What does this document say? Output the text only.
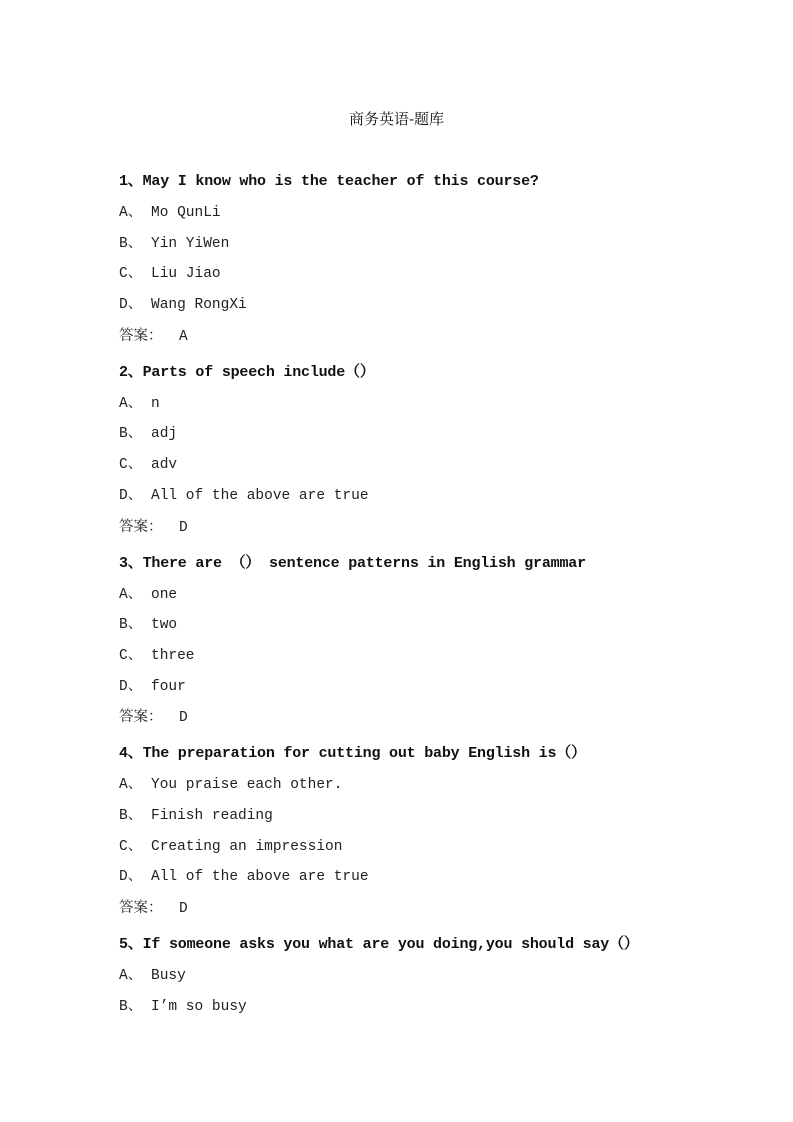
商务英语-题库
1、May I know who is the teacher of this course?
A、 Mo QunLi
B、 Yin YiWen
C、 Liu Jiao
D、 Wang RongXi
答案： A
2、Parts of speech include（）
A、 n
B、 adj
C、 adv
D、 All of the above are true
答案： D
3、There are （） sentence patterns in English grammar
A、 one
B、 two
C、 three
D、 four
答案： D
4、The preparation for cutting out baby English is（）
A、 You praise each other.
B、 Finish reading
C、 Creating an impression
D、 All of the above are true
答案： D
5、If someone asks you what are you doing,you should say（）
A、 Busy
B、 I’m so busy
